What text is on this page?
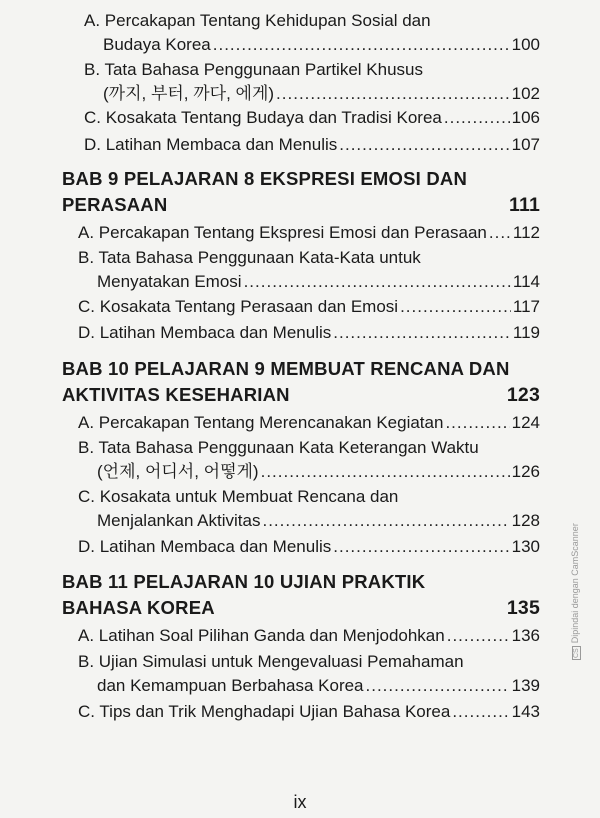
A. Percakapan Tentang Kehidupan Sosial dan
Budaya Korea .....	100
B. Tata Bahasa Penggunaan Partikel Khusus
(까지, 부터, 까다, 에게) .....	102
C. Kosakata Tentang Budaya dan Tradisi Korea .....	106
D. Latihan Membaca dan Menulis .....	107
BAB 9 PELAJARAN 8 EKSPRESI EMOSI DAN
PERASAAN	111
A. Percakapan Tentang Ekspresi Emosi dan Perasaan ..... 112
B. Tata Bahasa Penggunaan Kata-Kata untuk
Menyatakan Emosi .....	114
C. Kosakata Tentang Perasaan dan Emosi .....	117
D. Latihan Membaca dan Menulis .....	119
BAB 10 PELAJARAN 9 MEMBUAT RENCANA DAN
AKTIVITAS KESEHARIAN	123
A. Percakapan Tentang Merencanakan Kegiatan .....	124
B. Tata Bahasa Penggunaan Kata Keterangan Waktu
(언제, 어디서, 어떻게) .....	126
C. Kosakata untuk Membuat Rencana dan
Menjalankan Aktivitas .....	128
D. Latihan Membaca dan Menulis .....	130
BAB 11 PELAJARAN 10 UJIAN PRAKTIK
BAHASA KOREA	135
A. Latihan Soal Pilihan Ganda dan Menjodohkan .....	136
B. Ujian Simulasi untuk Mengevaluasi Pemahaman
dan Kemampuan Berbahasa Korea .....	139
C. Tips dan Trik Menghadapi Ujian Bahasa Korea .....	143
ix
CSDipindai dengan CamScanner
